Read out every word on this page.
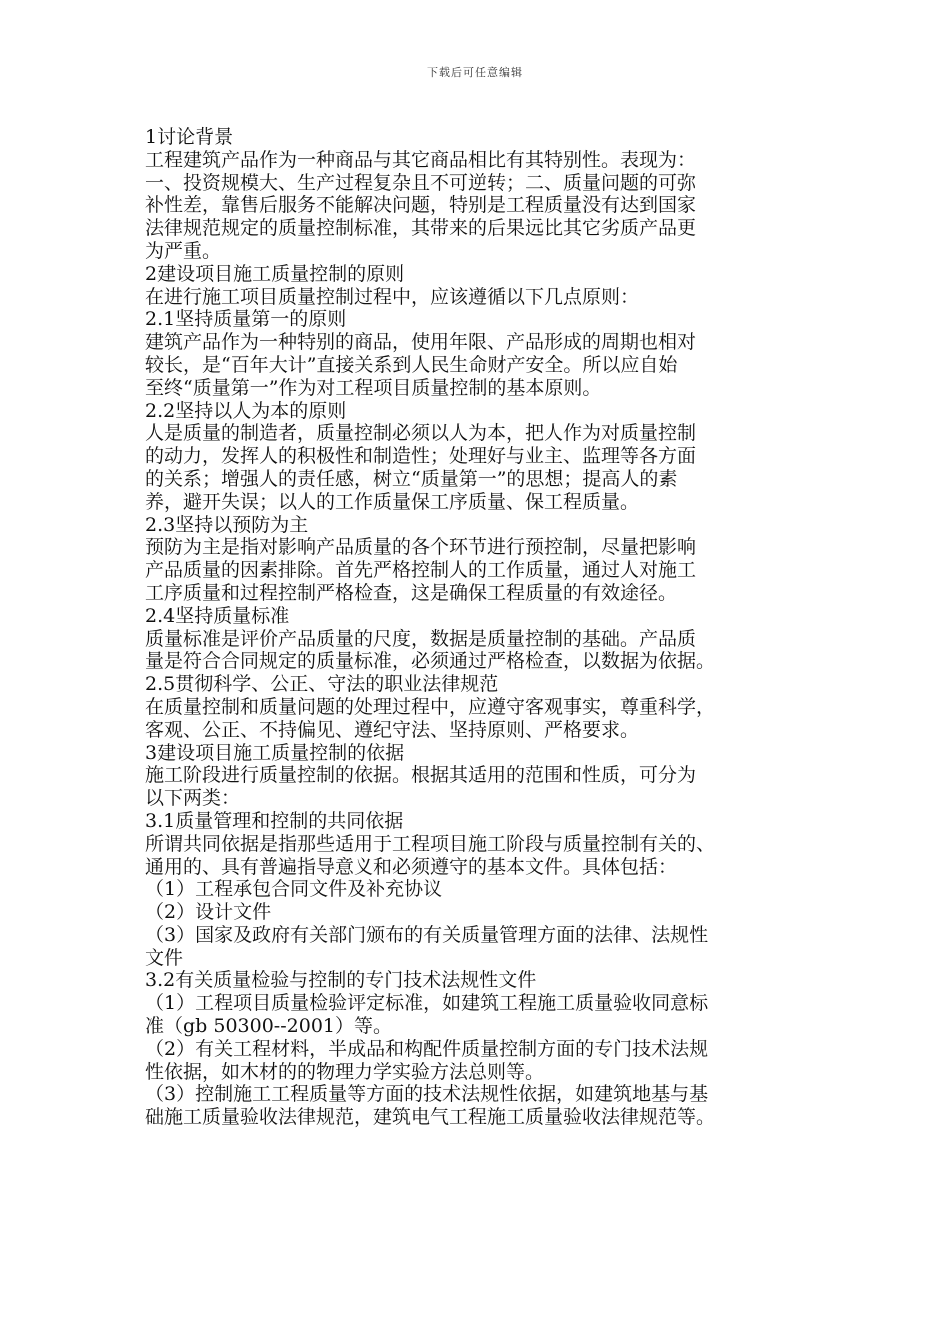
下载后可任意编辑
1讨论背景
工程建筑产品作为一种商品与其它商品相比有其特别性。表现为：
一、投资规模大、生产过程复杂且不可逆转；二、质量问题的可弥
补性差，靠售后服务不能解决问题，特别是工程质量没有达到国家
法律规范规定的质量控制标准，其带来的后果远比其它劣质产品更
为严重。
2建设项目施工质量控制的原则
在进行施工项目质量控制过程中，应该遵循以下几点原则：
2.1坚持质量第一的原则
建筑产品作为一种特别的商品，使用年限、产品形成的周期也相对
较长，是“百年大计”直接关系到人民生命财产安全。所以应自始
至终“质量第一”作为对工程项目质量控制的基本原则。
2.2坚持以人为本的原则
人是质量的制造者，质量控制必须以人为本，把人作为对质量控制
的动力，发挥人的积极性和制造性；处理好与业主、监理等各方面
的关系；增强人的责任感，树立“质量第一”的思想；提高人的素
养，避开失误；以人的工作质量保工序质量、保工程质量。
2.3坚持以预防为主
预防为主是指对影响产品质量的各个环节进行预控制，尽量把影响
产品质量的因素排除。首先严格控制人的工作质量，通过人对施工
工序质量和过程控制严格检查，这是确保工程质量的有效途径。
2.4坚持质量标准
质量标准是评价产品质量的尺度，数据是质量控制的基础。产品质
量是符合合同规定的质量标准，必须通过严格检查，以数据为依据。
2.5贯彻科学、公正、守法的职业法律规范
在质量控制和质量问题的处理过程中，应遵守客观事实，尊重科学，
客观、公正、不持偏见、遵纪守法、坚持原则、严格要求。
3建设项目施工质量控制的依据
施工阶段进行质量控制的依据。根据其适用的范围和性质，可分为
以下两类：
3.1质量管理和控制的共同依据
所谓共同依据是指那些适用于工程项目施工阶段与质量控制有关的、
通用的、具有普遍指导意义和必须遵守的基本文件。具体包括：
（1）工程承包合同文件及补充协议
（2）设计文件
（3）国家及政府有关部门颁布的有关质量管理方面的法律、法规性
文件
3.2有关质量检验与控制的专门技术法规性文件
（1）工程项目质量检验评定标准，如建筑工程施工质量验收同意标
准（gb 50300--2001）等。
（2）有关工程材料，半成品和构配件质量控制方面的专门技术法规
性依据，如木材的的物理力学实验方法总则等。
（3）控制施工工程质量等方面的技术法规性依据，如建筑地基与基
础施工质量验收法律规范，建筑电气工程施工质量验收法律规范等。
